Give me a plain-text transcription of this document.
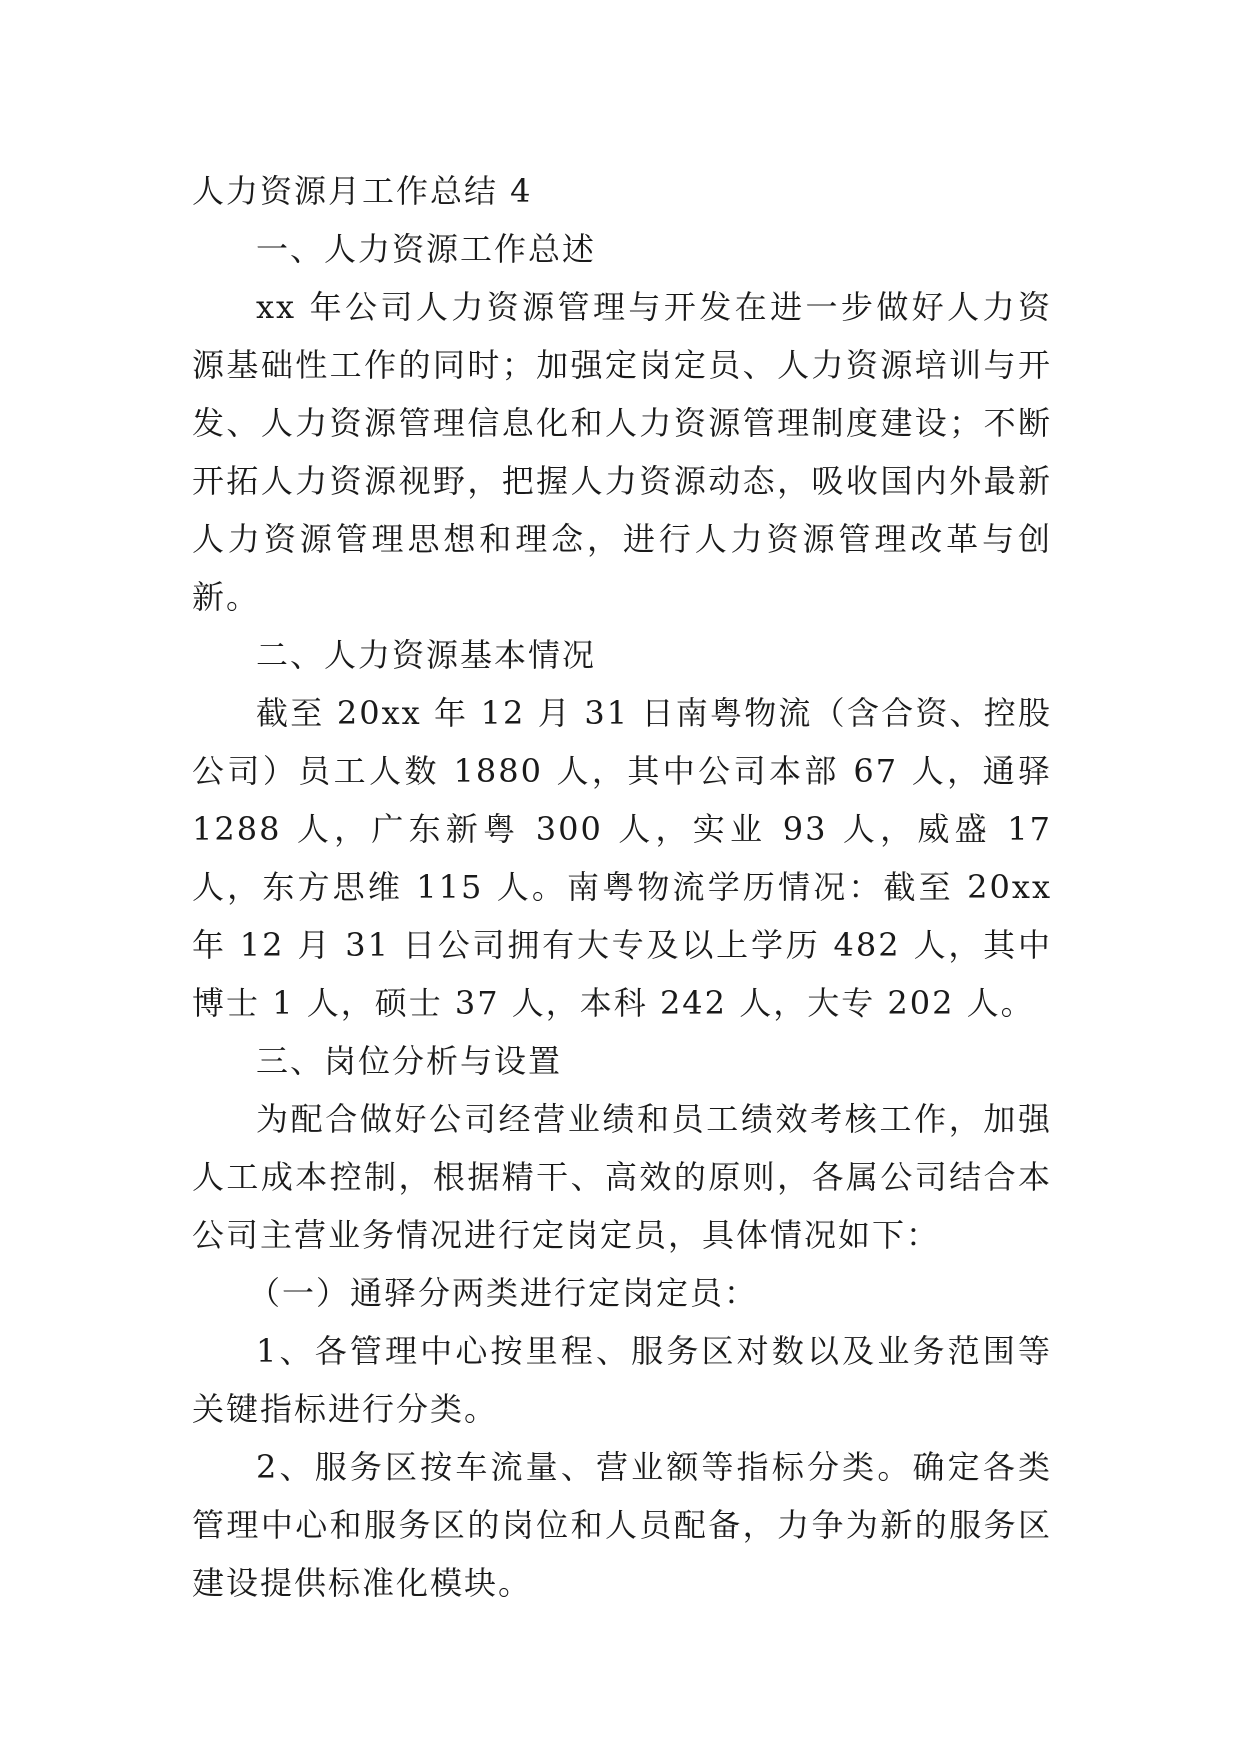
人力资源月工作总结 4

一、人力资源工作总述

xx 年公司人力资源管理与开发在进一步做好人力资源基础性工作的同时；加强定岗定员、人力资源培训与开发、人力资源管理信息化和人力资源管理制度建设；不断开拓人力资源视野，把握人力资源动态，吸收国内外最新人力资源管理思想和理念，进行人力资源管理改革与创新。

二、人力资源基本情况

截至 20xx 年 12 月 31 日南粤物流（含合资、控股公司）员工人数 1880 人，其中公司本部 67 人，通驿 1288 人，广东新粤 300 人，实业 93 人，威盛 17 人，东方思维 115 人。南粤物流学历情况：截至 20xx 年 12 月 31 日公司拥有大专及以上学历 482 人，其中博士 1 人，硕士 37 人，本科 242 人，大专 202 人。

三、岗位分析与设置

为配合做好公司经营业绩和员工绩效考核工作，加强人工成本控制，根据精干、高效的原则，各属公司结合本公司主营业务情况进行定岗定员，具体情况如下：

（一）通驿分两类进行定岗定员：

1、各管理中心按里程、服务区对数以及业务范围等关键指标进行分类。

2、服务区按车流量、营业额等指标分类。确定各类管理中心和服务区的岗位和人员配备，力争为新的服务区建设提供标准化模块。
